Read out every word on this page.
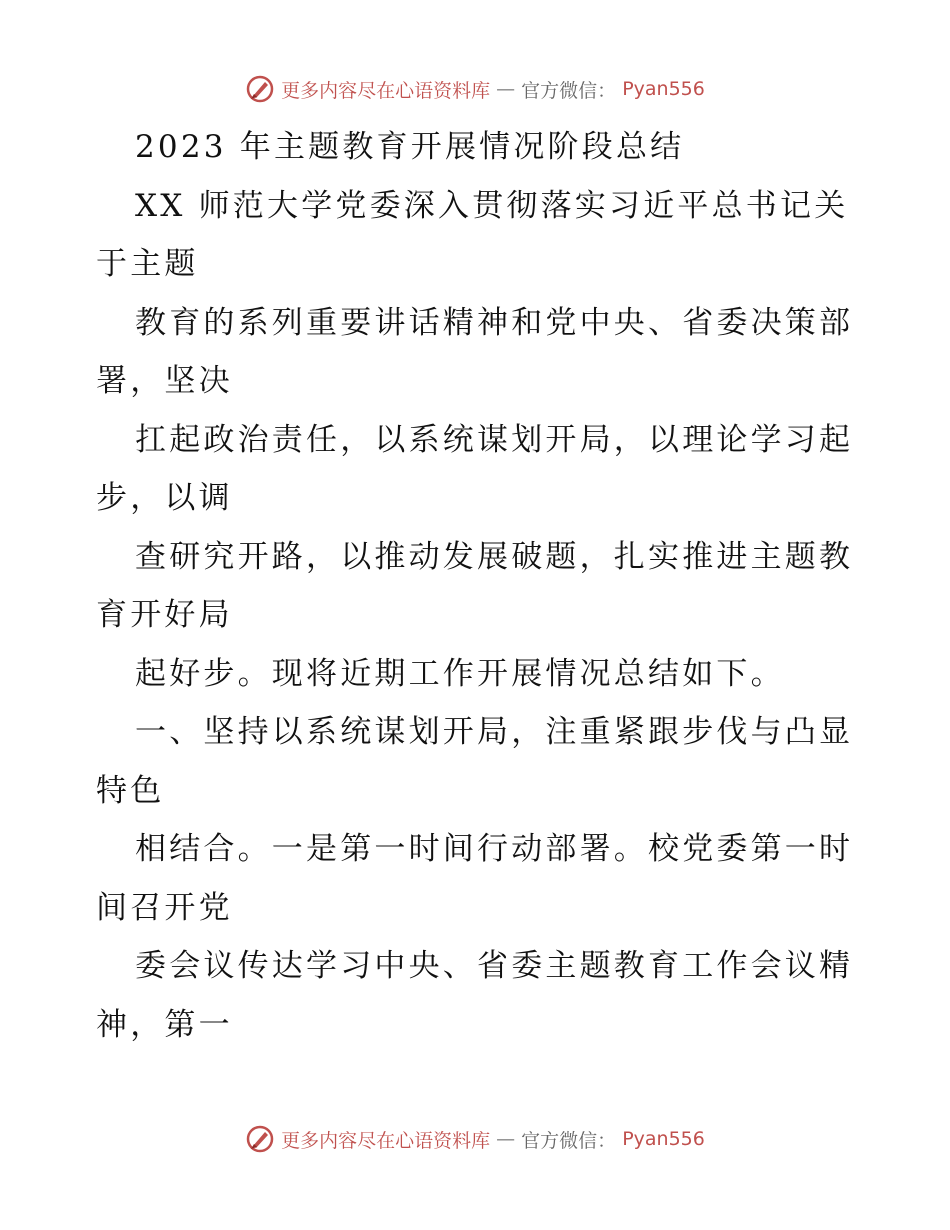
更多内容尽在心语资料库 — 官方微信： Pyan556
2023 年主题教育开展情况阶段总结
XX 师范大学党委深入贯彻落实习近平总书记关
于主题
教育的系列重要讲话精神和党中央、省委决策部
署，坚决
扛起政治责任，以系统谋划开局，以理论学习起
步，以调
查研究开路，以推动发展破题，扎实推进主题教
育开好局
起好步。现将近期工作开展情况总结如下。
一、坚持以系统谋划开局，注重紧跟步伐与凸显
特色
相结合。一是第一时间行动部署。校党委第一时
间召开党
委会议传达学习中央、省委主题教育工作会议精
神，第一
更多内容尽在心语资料库 — 官方微信： Pyan556
